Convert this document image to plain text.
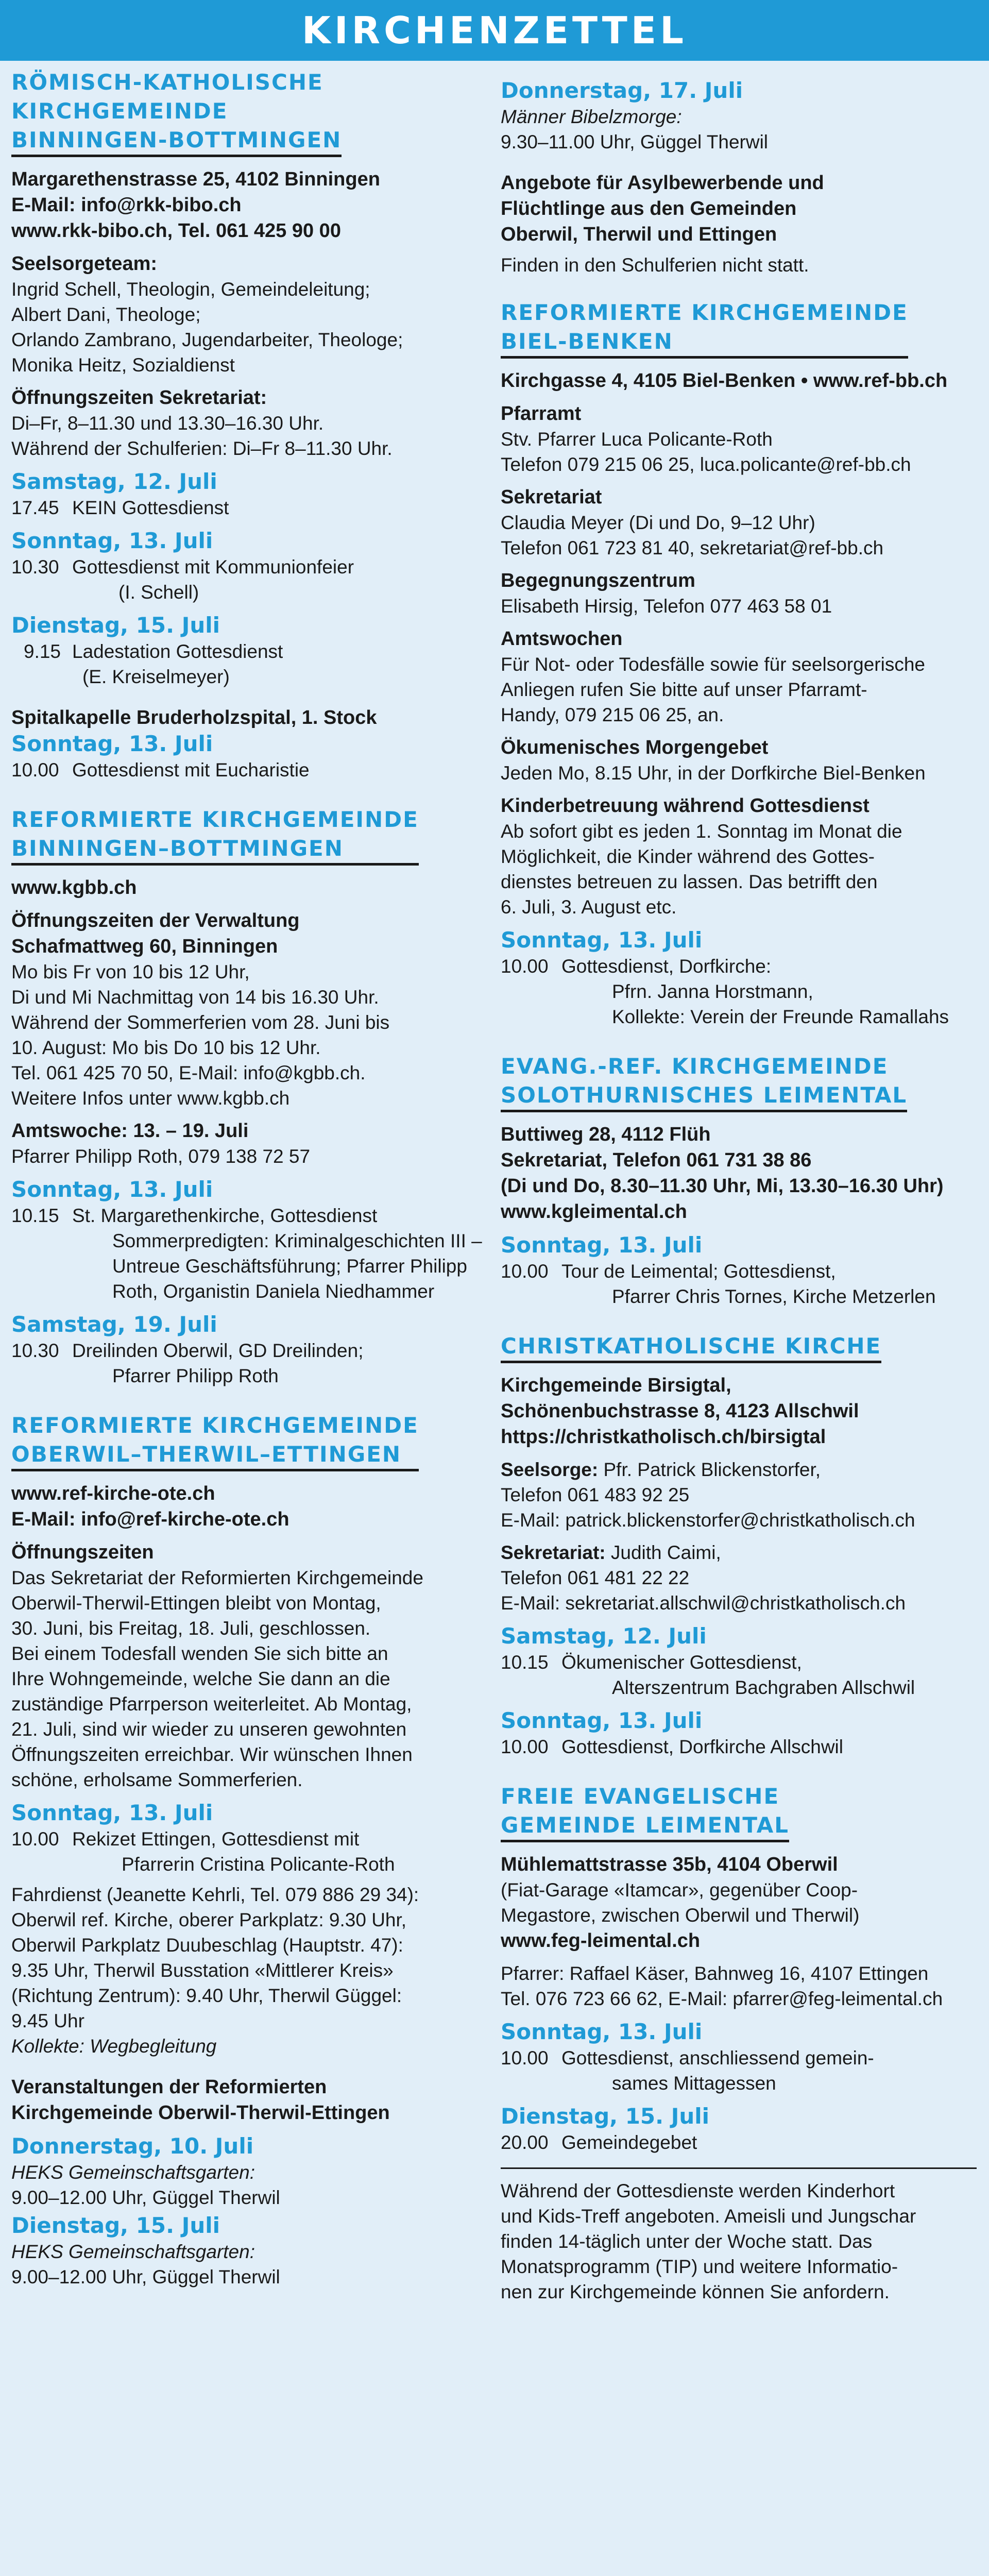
KIRCHENZETTEL
RÖMISCH-KATHOLISCHE
KIRCHGEMEINDE
BINNINGEN-BOTTMINGEN
Margarethenstrasse 25, 4102 Binningen
E-Mail: info@rkk-bibo.ch
www.rkk-bibo.ch, Tel. 061 425 90 00
Seelsorgeteam:
Ingrid Schell, Theologin, Gemeindeleitung;
Albert Dani, Theologe;
Orlando Zambrano, Jugendarbeiter, Theologe;
Monika Heitz, Sozialdienst
Öffnungszeiten Sekretariat:
Di–Fr, 8–11.30 und 13.30–16.30 Uhr.
Während der Schulferien: Di–Fr 8–11.30 Uhr.
Samstag, 12. Juli
17.45 KEIN Gottesdienst
Sonntag, 13. Juli
10.30 Gottesdienst mit Kommunionfeier
(I. Schell)
Dienstag, 15. Juli
9.15 Ladestation Gottesdienst
(E. Kreiselmeyer)
Spitalkapelle Bruderholzspital, 1. Stock
Sonntag, 13. Juli
10.00 Gottesdienst mit Eucharistie
REFORMIERTE KIRCHGEMEINDE
BINNINGEN–BOTTMINGEN
www.kgbb.ch
Öffnungszeiten der Verwaltung
Schafmattweg 60, Binningen
Mo bis Fr von 10 bis 12 Uhr,
Di und Mi Nachmittag von 14 bis 16.30 Uhr.
Während der Sommerferien vom 28. Juni bis
10. August: Mo bis Do 10 bis 12 Uhr.
Tel. 061 425 70 50, E-Mail: info@kgbb.ch.
Weitere Infos unter www.kgbb.ch
Amtswoche: 13. – 19. Juli
Pfarrer Philipp Roth, 079 138 72 57
Sonntag, 13. Juli
10.15 St. Margarethenkirche, Gottesdienst
Sommerpredigten: Kriminalgeschichten III –
Untreue Geschäftsführung; Pfarrer Philipp
Roth, Organistin Daniela Niedhammer
Samstag, 19. Juli
10.30 Dreilinden Oberwil, GD Dreilinden;
Pfarrer Philipp Roth
REFORMIERTE KIRCHGEMEINDE
OBERWIL–THERWIL–ETTINGEN
www.ref-kirche-ote.ch
E-Mail: info@ref-kirche-ote.ch
Öffnungszeiten
Das Sekretariat der Reformierten Kirchgemeinde
Oberwil-Therwil-Ettingen bleibt von Montag,
30. Juni, bis Freitag, 18. Juli, geschlossen.
Bei einem Todesfall wenden Sie sich bitte an
Ihre Wohngemeinde, welche Sie dann an die
zuständige Pfarrperson weiterleitet. Ab Montag,
21. Juli, sind wir wieder zu unseren gewohnten
Öffnungszeiten erreichbar. Wir wünschen Ihnen
schöne, erholsame Sommerferien.
Sonntag, 13. Juli
10.00 Rekizet Ettingen, Gottesdienst mit
Pfarrerin Cristina Policante-Roth
Fahrdienst (Jeanette Kehrli, Tel. 079 886 29 34):
Oberwil ref. Kirche, oberer Parkplatz: 9.30 Uhr,
Oberwil Parkplatz Duubeschlag (Hauptstr. 47):
9.35 Uhr, Therwil Busstation «Mittlerer Kreis»
(Richtung Zentrum): 9.40 Uhr, Therwil Güggel:
9.45 Uhr
Kollekte: Wegbegleitung
Veranstaltungen der Reformierten
Kirchgemeinde Oberwil-Therwil-Ettingen
Donnerstag, 10. Juli
HEKS Gemeinschaftsgarten:
9.00–12.00 Uhr, Güggel Therwil
Dienstag, 15. Juli
HEKS Gemeinschaftsgarten:
9.00–12.00 Uhr, Güggel Therwil
Donnerstag, 17. Juli
Männer Bibelzmorge:
9.30–11.00 Uhr, Güggel Therwil
Angebote für Asylbewerbende und
Flüchtlinge aus den Gemeinden
Oberwil, Therwil und Ettingen
Finden in den Schulferien nicht statt.
REFORMIERTE KIRCHGEMEINDE
BIEL-BENKEN
Kirchgasse 4, 4105 Biel-Benken • www.ref-bb.ch
Pfarramt
Stv. Pfarrer Luca Policante-Roth
Telefon 079 215 06 25, luca.policante@ref-bb.ch
Sekretariat
Claudia Meyer (Di und Do, 9–12 Uhr)
Telefon 061 723 81 40, sekretariat@ref-bb.ch
Begegnungszentrum
Elisabeth Hirsig, Telefon 077 463 58 01
Amtswochen
Für Not- oder Todesfälle sowie für seelsorgerische
Anliegen rufen Sie bitte auf unser Pfarramt-
Handy, 079 215 06 25, an.
Ökumenisches Morgengebet
Jeden Mo, 8.15 Uhr, in der Dorfkirche Biel-Benken
Kinderbetreuung während Gottesdienst
Ab sofort gibt es jeden 1. Sonntag im Monat die
Möglichkeit, die Kinder während des Gottes-
dienstes betreuen zu lassen. Das betrifft den
6. Juli, 3. August etc.
Sonntag, 13. Juli
10.00 Gottesdienst, Dorfkirche:
Pfrn. Janna Horstmann,
Kollekte: Verein der Freunde Ramallahs
EVANG.-REF. KIRCHGEMEINDE
SOLOTHURNISCHES LEIMENTAL
Buttiweg 28, 4112 Flüh
Sekretariat, Telefon 061 731 38 86
(Di und Do, 8.30–11.30 Uhr, Mi, 13.30–16.30 Uhr)
www.kgleimental.ch
Sonntag, 13. Juli
10.00 Tour de Leimental; Gottesdienst,
Pfarrer Chris Tornes, Kirche Metzerlen
CHRISTKATHOLISCHE KIRCHE
Kirchgemeinde Birsigtal,
Schönenbuchstrasse 8, 4123 Allschwil
https://christkatholisch.ch/birsigtal
Seelsorge: Pfr. Patrick Blickenstorfer,
Telefon 061 483 92 25
E-Mail: patrick.blickenstorfer@christkatholisch.ch
Sekretariat: Judith Caimi,
Telefon 061 481 22 22
E-Mail: sekretariat.allschwil@christkatholisch.ch
Samstag, 12. Juli
10.15 Ökumenischer Gottesdienst,
Alterszentrum Bachgraben Allschwil
Sonntag, 13. Juli
10.00 Gottesdienst, Dorfkirche Allschwil
FREIE EVANGELISCHE
GEMEINDE LEIMENTAL
Mühlemattstrasse 35b, 4104 Oberwil
(Fiat-Garage «Itamcar», gegenüber Coop-
Megastore, zwischen Oberwil und Therwil)
www.feg-leimental.ch
Pfarrer: Raffael Käser, Bahnweg 16, 4107 Ettingen
Tel. 076 723 66 62, E-Mail: pfarrer@feg-leimental.ch
Sonntag, 13. Juli
10.00 Gottesdienst, anschliessend gemein-
sames Mittagessen
Dienstag, 15. Juli
20.00 Gemeindegebet
Während der Gottesdienste werden Kinderhort
und Kids-Treff angeboten. Ameisli und Jungschar
finden 14-täglich unter der Woche statt. Das
Monatsprogramm (TIP) und weitere Informatio-
nen zur Kirchgemeinde können Sie anfordern.
